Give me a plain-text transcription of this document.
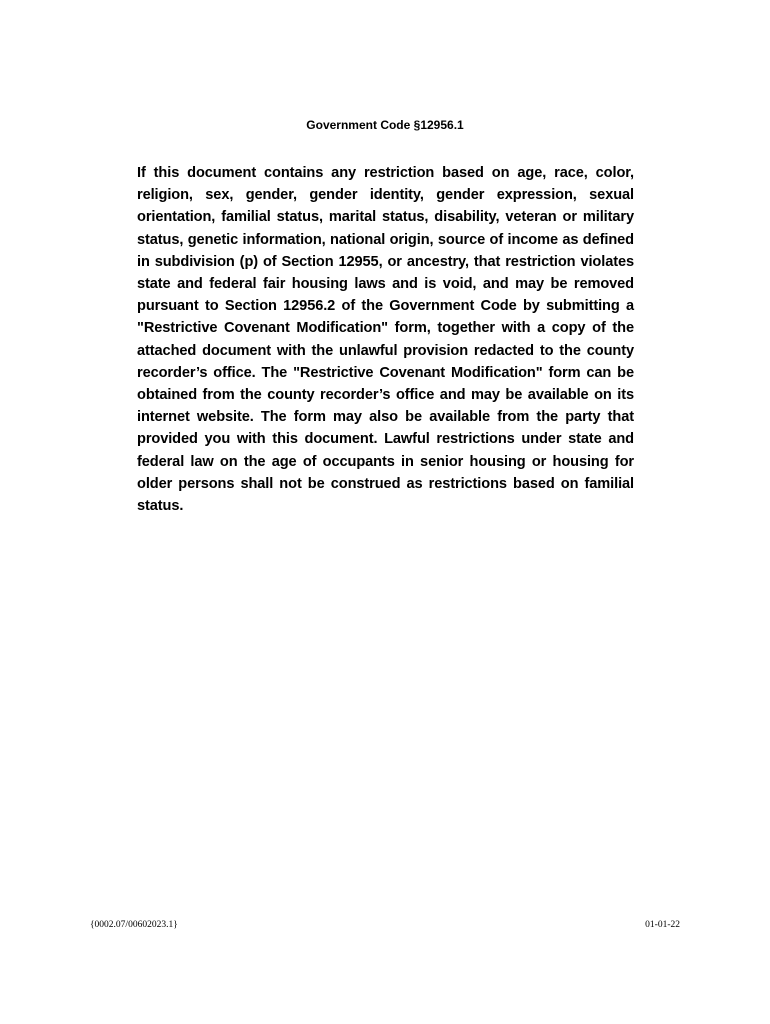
Government Code §12956.1

If this document contains any restriction based on age, race, color, religion, sex, gender, gender identity, gender expression, sexual orientation, familial status, marital status, disability, veteran or military status, genetic information, national origin, source of income as defined in subdivision (p) of Section 12955, or ancestry, that restriction violates state and federal fair housing laws and is void, and may be removed pursuant to Section 12956.2 of the Government Code by submitting a "Restrictive Covenant Modification" form, together with a copy of the attached document with the unlawful provision redacted to the county recorder’s office. The "Restrictive Covenant Modification" form can be obtained from the county recorder’s office and may be available on its internet website. The form may also be available from the party that provided you with this document. Lawful restrictions under state and federal law on the age of occupants in senior housing or housing for older persons shall not be construed as restrictions based on familial status.

{0002.07/00602023.1}	01-01-22
